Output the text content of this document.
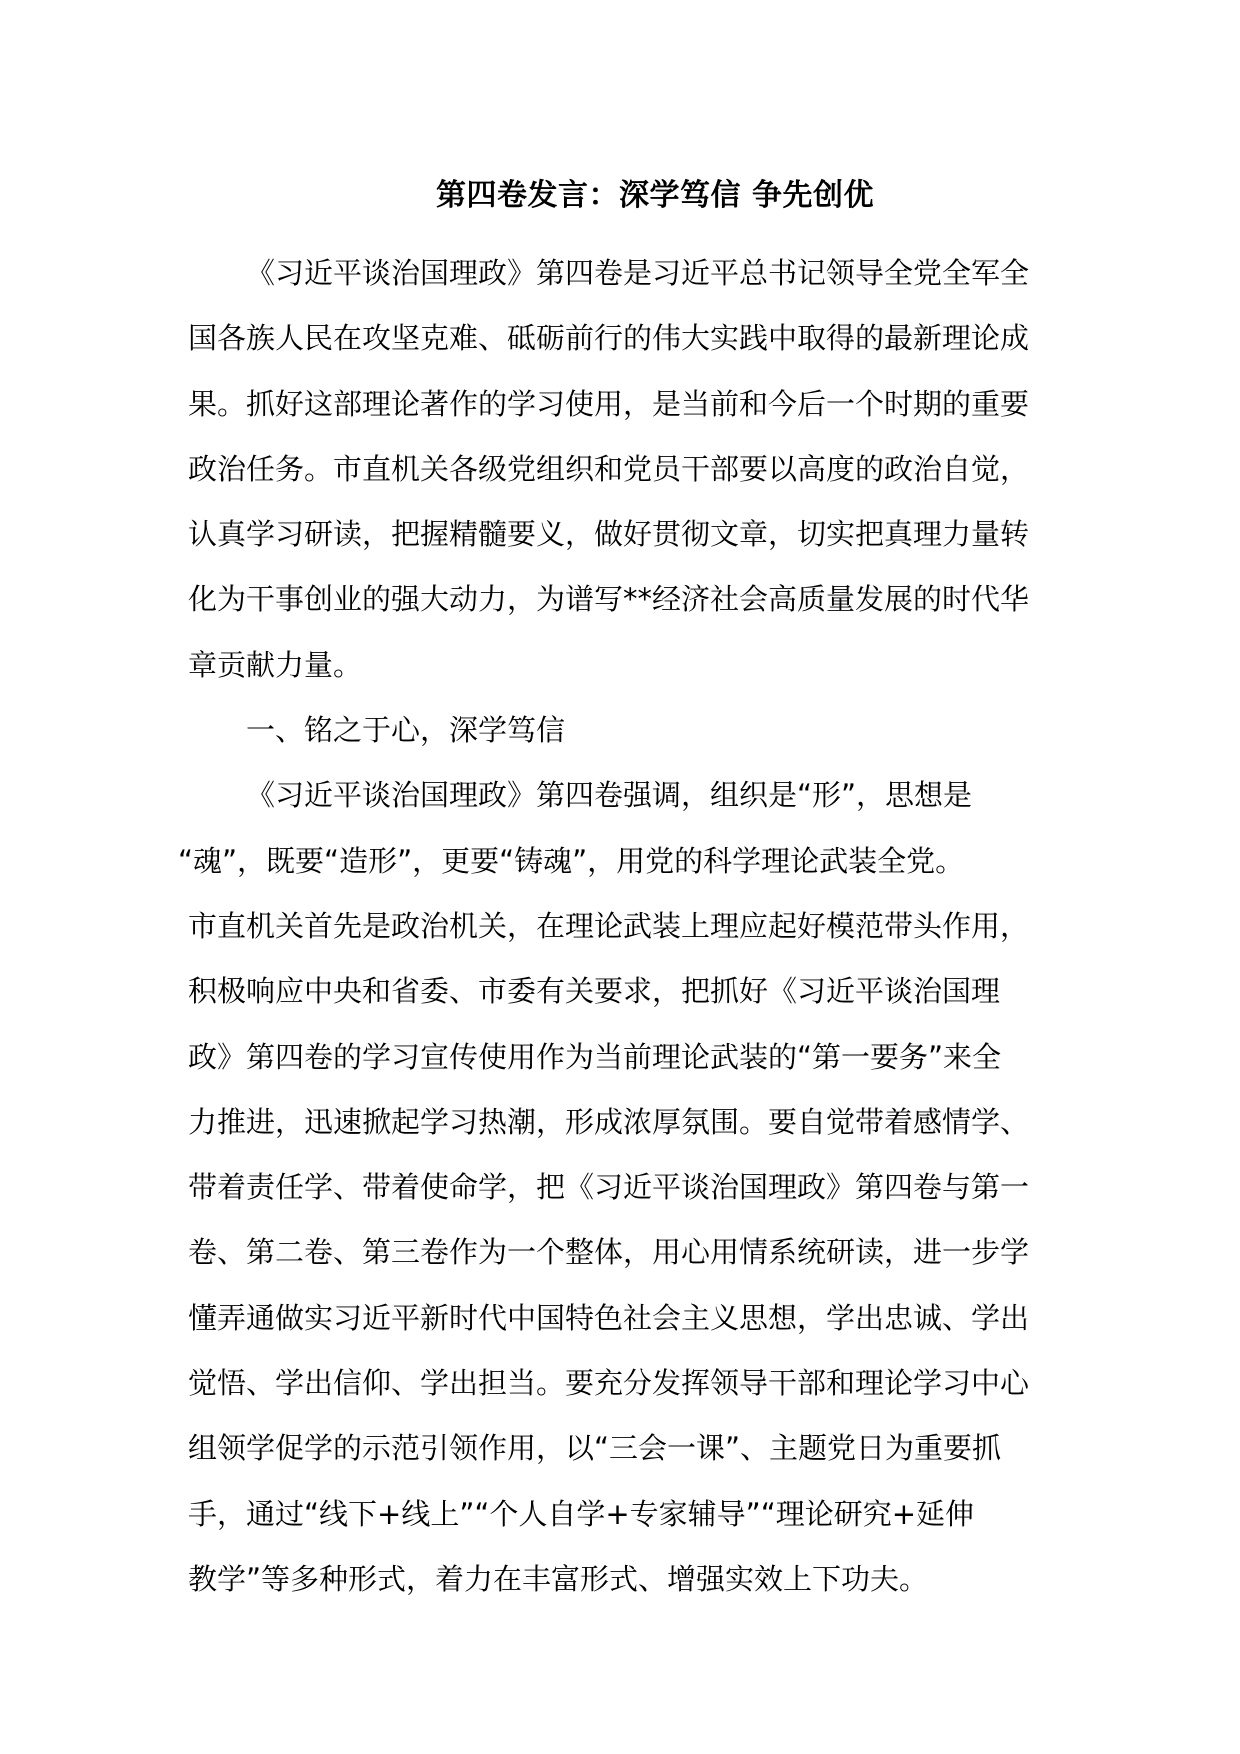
第四卷发言：深学笃信 争先创优
《习近平谈治国理政》第四卷是习近平总书记领导全党全军全
国各族人民在攻坚克难、砥砺前行的伟大实践中取得的最新理论成
果。抓好这部理论著作的学习使用，是当前和今后一个时期的重要
政治任务。市直机关各级党组织和党员干部要以高度的政治自觉，
认真学习研读，把握精髓要义，做好贯彻文章，切实把真理力量转
化为干事创业的强大动力，为谱写**经济社会高质量发展的时代华
章贡献力量。
一、铭之于心，深学笃信
《习近平谈治国理政》第四卷强调，组织是“形”，思想是
“魂”，既要“造形”，更要“铸魂”，用党的科学理论武装全党。
市直机关首先是政治机关，在理论武装上理应起好模范带头作用，
积极响应中央和省委、市委有关要求，把抓好《习近平谈治国理
政》第四卷的学习宣传使用作为当前理论武装的“第一要务”来全
力推进，迅速掀起学习热潮，形成浓厚氛围。要自觉带着感情学、
带着责任学、带着使命学，把《习近平谈治国理政》第四卷与第一
卷、第二卷、第三卷作为一个整体，用心用情系统研读，进一步学
懂弄通做实习近平新时代中国特色社会主义思想，学出忠诚、学出
觉悟、学出信仰、学出担当。要充分发挥领导干部和理论学习中心
组领学促学的示范引领作用，以“三会一课”、主题党日为重要抓
手，通过“线下+线上”“个人自学+专家辅导”“理论研究+延伸
教学”等多种形式，着力在丰富形式、增强实效上下功夫。
